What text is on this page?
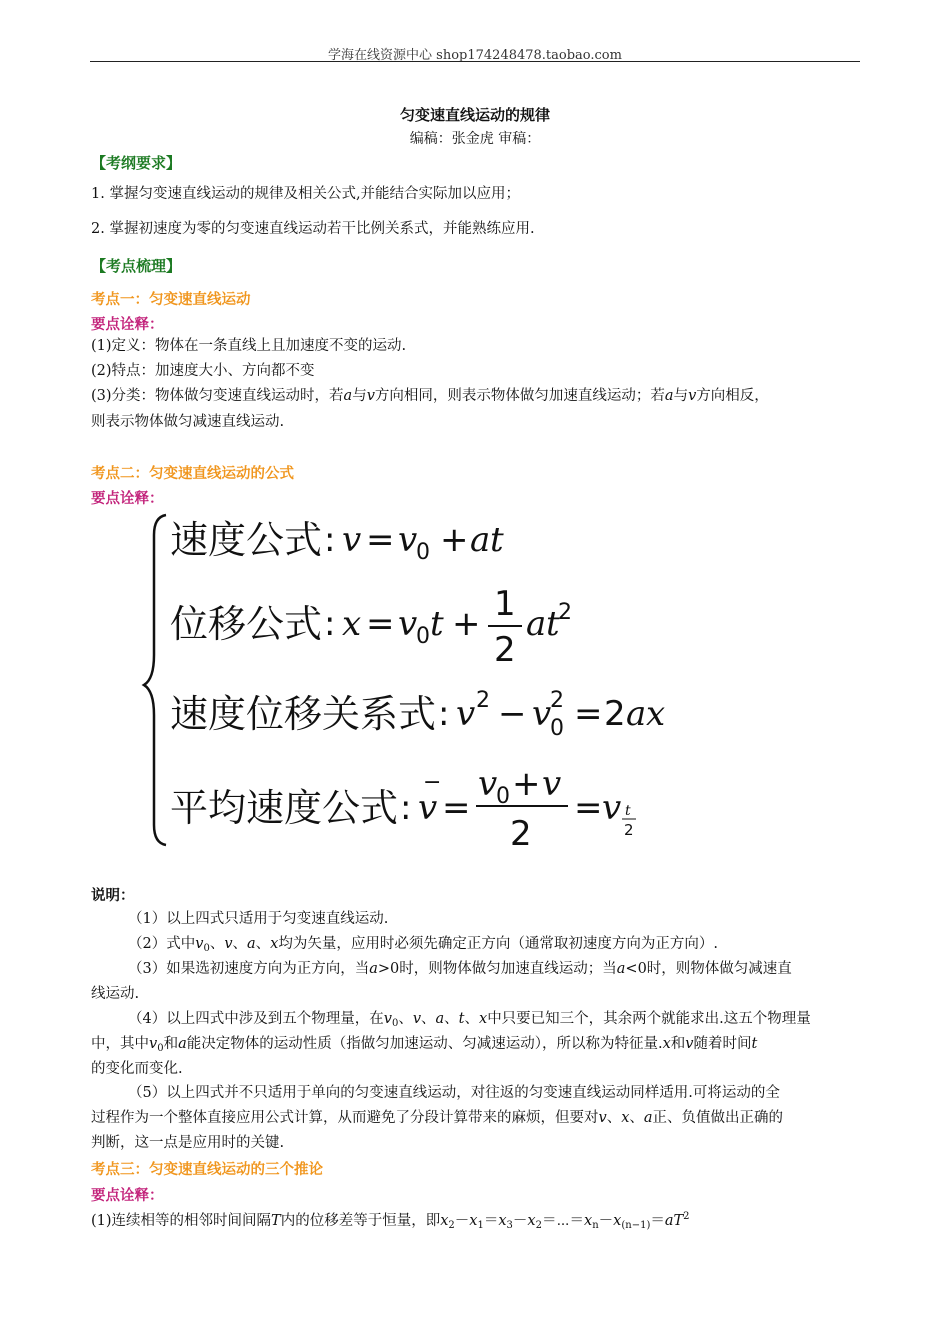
学海在线资源中心 shop174248478.taobao.com
匀变速直线运动的规律
编稿：张金虎 审稿：
【考纲要求】
1. 掌握匀变速直线运动的规律及相关公式,并能结合实际加以应用；
2. 掌握初速度为零的匀变速直线运动若干比例关系式，并能熟练应用.
【考点梳理】
考点一：匀变速直线运动
要点诠释：
(1)定义：物体在一条直线上且加速度不变的运动.
(2)特点：加速度大小、方向都不变
(3)分类：物体做匀变速直线运动时，若a与v方向相同，则表示物体做匀加速直线运动；若a与v方向相反，
则表示物体做匀减速直线运动.
考点二：匀变速直线运动的公式
要点诠释：
速度公式 : v = v
0 + a t
位移公式 : x = v
0 t + 1
2
a t
2
速度位移关系式 : v 2 − v
2
0 = 2 a x
平均速度公式 :
−
v =
v
0 + v
2
= v t
2
说明：
（1）以上四式只适用于匀变速直线运动.
（2）式中$v_0$、v、a、x均为矢量，应用时必须先确定正方向（通常取初速度方向为正方向）.
（3）如果选初速度方向为正方向，当a>0时，则物体做匀加速直线运动；当a<0时，则物体做匀减速直
线运动.
（4）以上四式中涉及到五个物理量，在$v_0$、v、a、t、x中只要已知三个，其余两个就能求出.这五个物理量
中，其中$v_0$和a能决定物体的运动性质（指做匀加速运动、匀减速运动），所以称为特征量.x和v随着时间t
的变化而变化.
（5）以上四式并不只适用于单向的匀变速直线运动，对往返的匀变速直线运动同样适用.可将运动的全
过程作为一个整体直接应用公式计算，从而避免了分段计算带来的麻烦，但要对v、x、a正、负值做出正确的
判断，这一点是应用时的关键.
考点三：匀变速直线运动的三个推论
要点诠释：
(1)连续相等的相邻时间间隔T内的位移差等于恒量，即$x_2-x_1=x_3-x_2=\cdots=x_n-x_{(n-1)}=aT^2$
